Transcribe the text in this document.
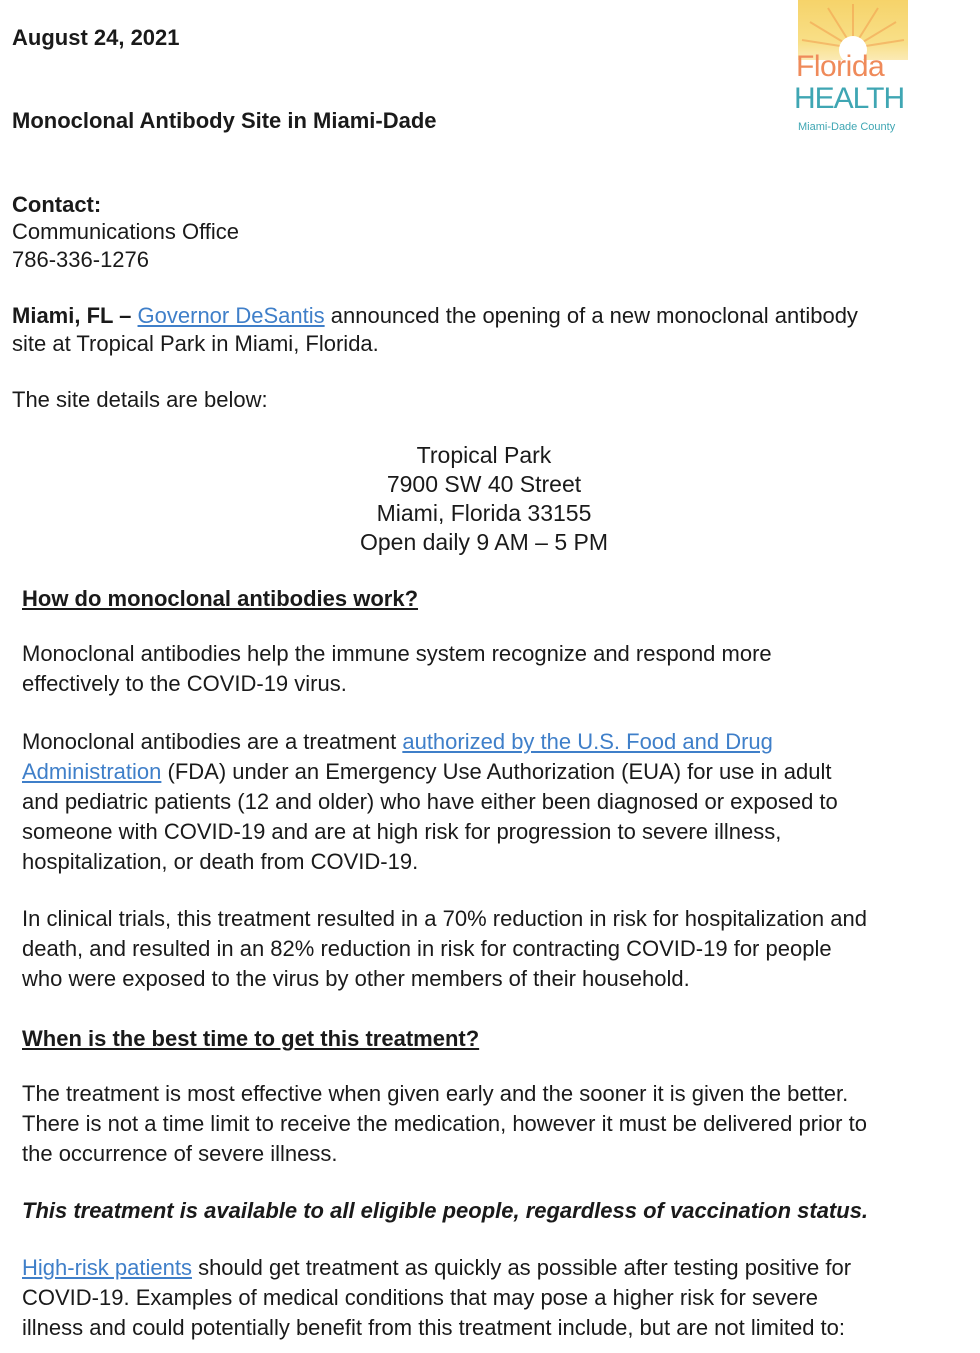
August 24, 2021
Monoclonal Antibody Site in Miami-Dade
Florida
HEALTH
Miami-Dade County
Contact:
Communications Office
786-336-1276
Miami, FL – Governor DeSantis announced the opening of a new monoclonal antibody
site at Tropical Park in Miami, Florida.
The site details are below:
Tropical Park
7900 SW 40 Street
Miami, Florida 33155
Open daily 9 AM – 5 PM
How do monoclonal antibodies work?
Monoclonal antibodies help the immune system recognize and respond more
effectively to the COVID-19 virus.
Monoclonal antibodies are a treatment authorized by the U.S. Food and Drug
Administration (FDA) under an Emergency Use Authorization (EUA) for use in adult
and pediatric patients (12 and older) who have either been diagnosed or exposed to
someone with COVID-19 and are at high risk for progression to severe illness,
hospitalization, or death from COVID-19.
In clinical trials, this treatment resulted in a 70% reduction in risk for hospitalization and
death, and resulted in an 82% reduction in risk for contracting COVID-19 for people
who were exposed to the virus by other members of their household.
When is the best time to get this treatment?
The treatment is most effective when given early and the sooner it is given the better.
There is not a time limit to receive the medication, however it must be delivered prior to
the occurrence of severe illness.
This treatment is available to all eligible people, regardless of vaccination status.
High-risk patients should get treatment as quickly as possible after testing positive for
COVID-19. Examples of medical conditions that may pose a higher risk for severe
illness and could potentially benefit from this treatment include, but are not limited to:
